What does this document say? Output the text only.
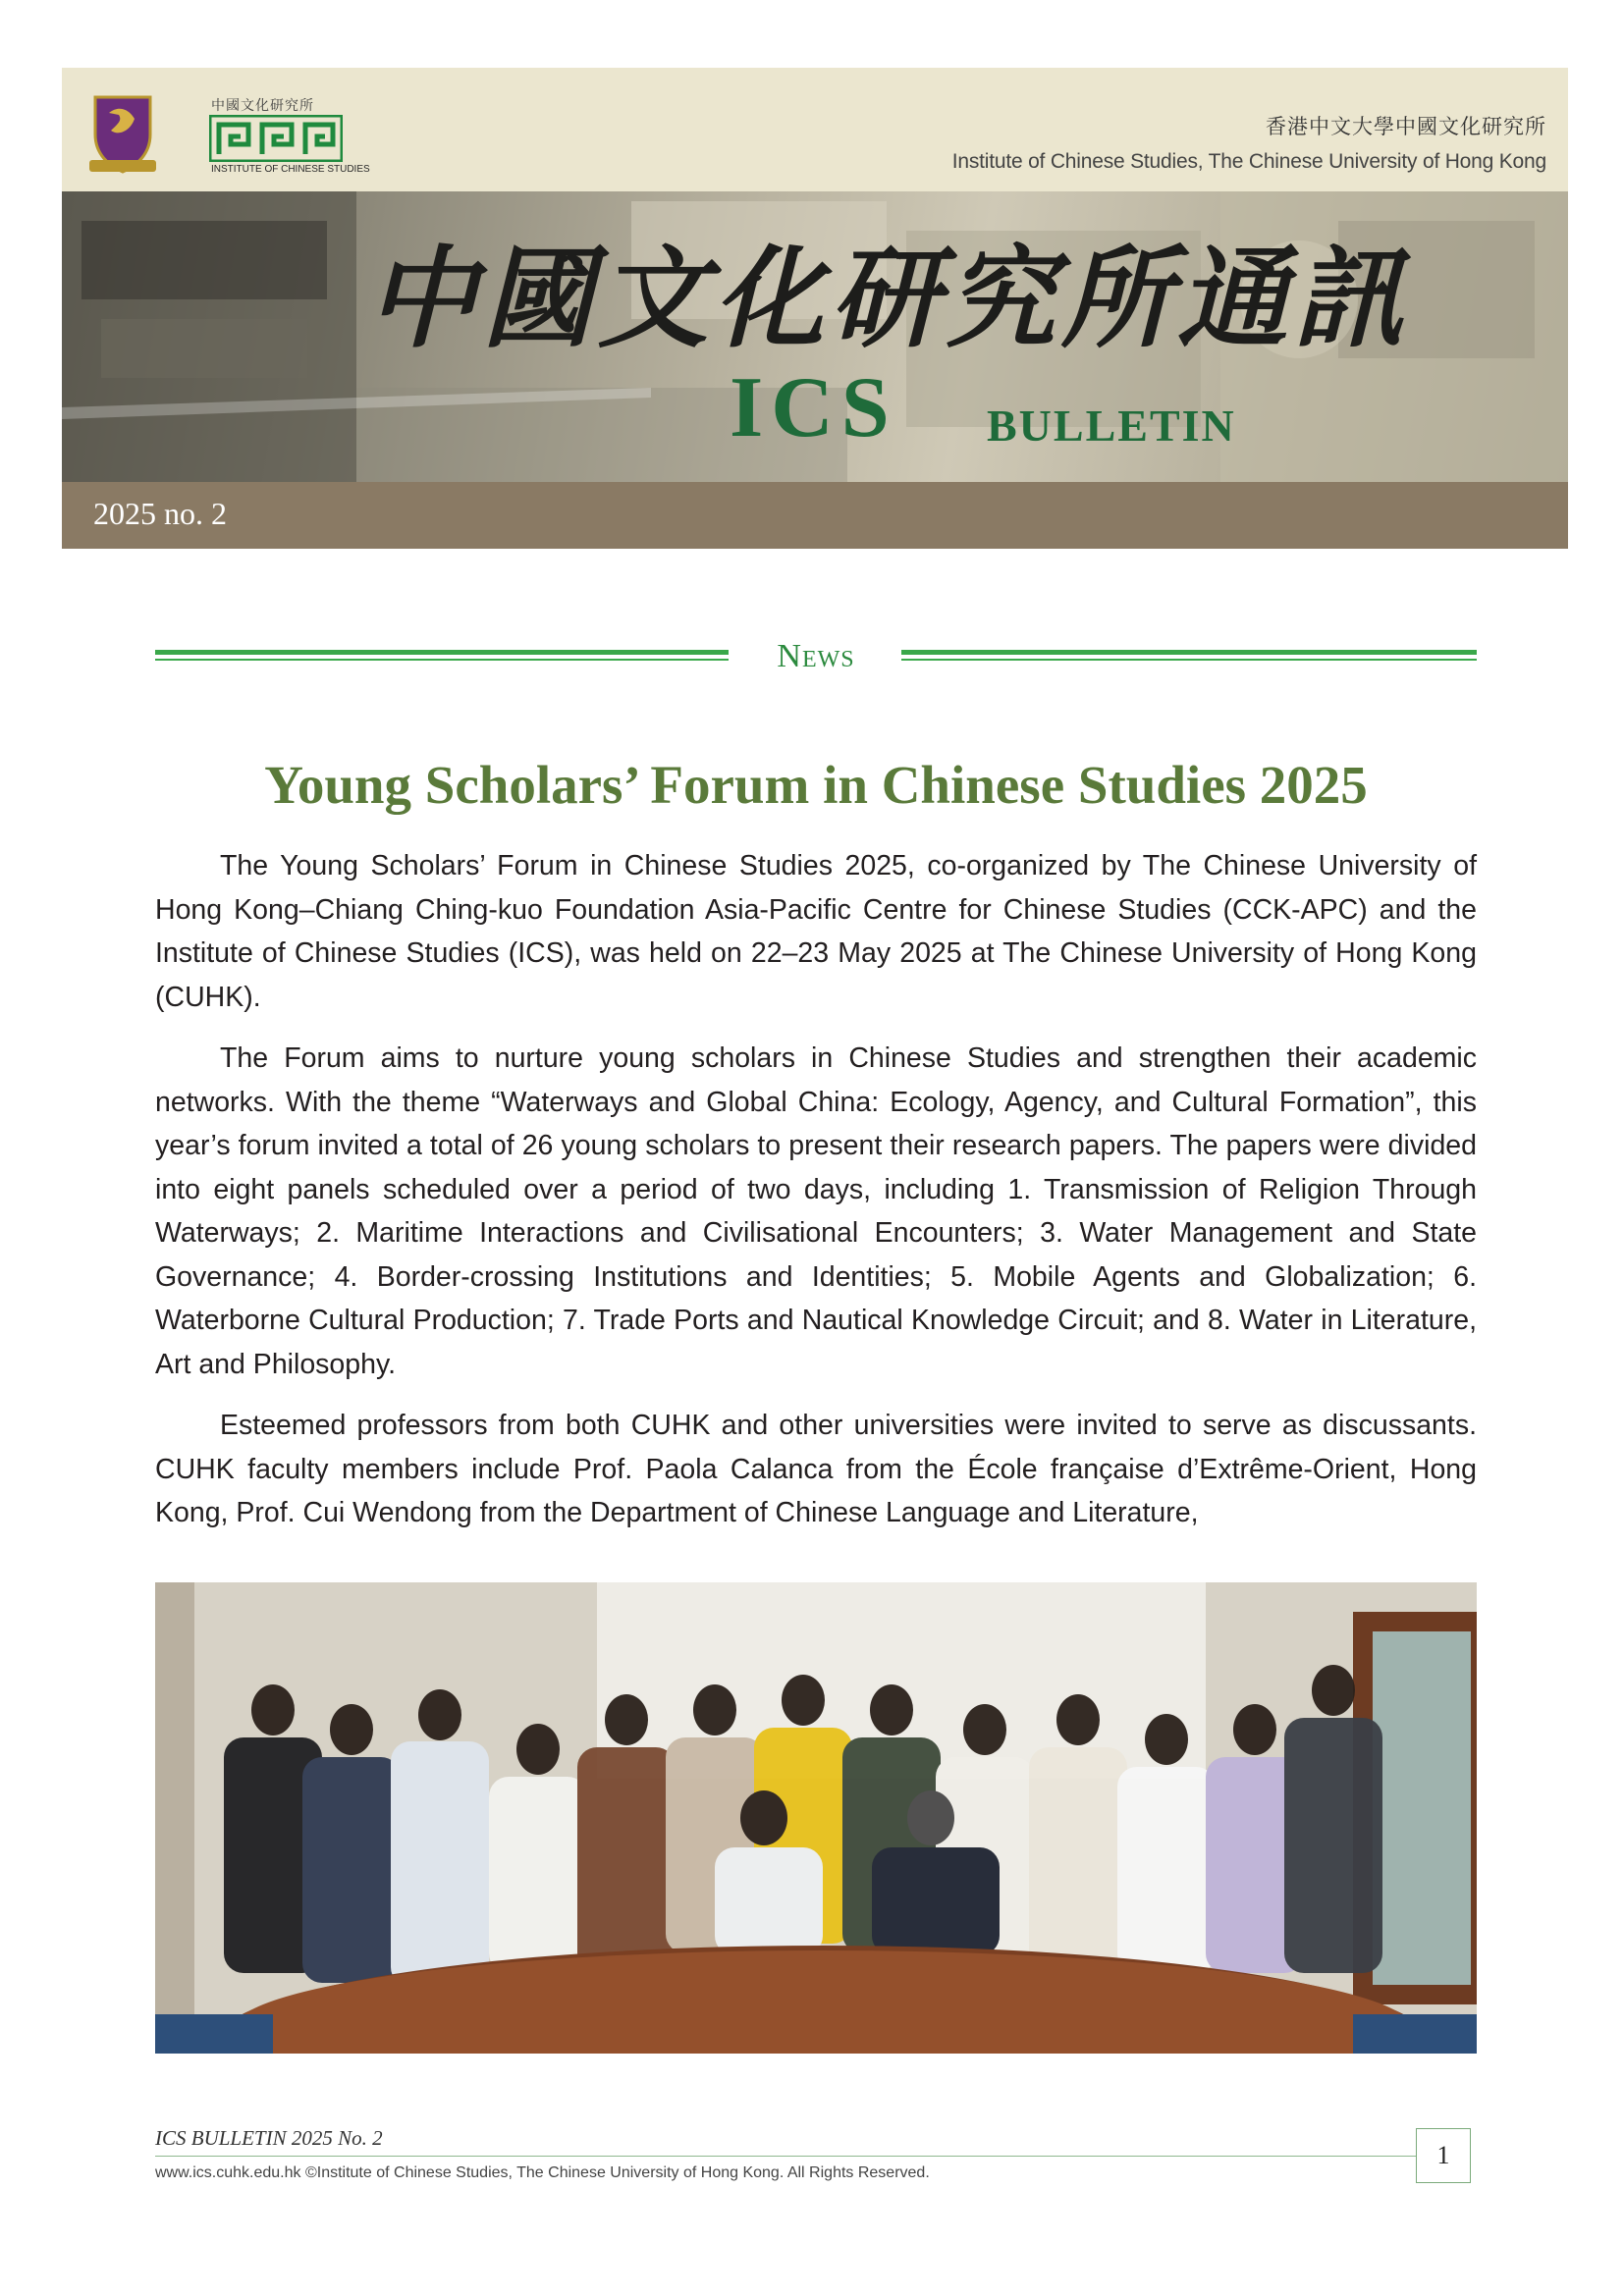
中國文化研究所
INSTITUTE OF CHINESE STUDIES
香港中文大學中國文化研究所
Institute of Chinese Studies, The Chinese University of Hong Kong
中國文化研究所通訊
ICS BULLETIN
2025 no. 2
News
Young Scholars’ Forum in Chinese Studies 2025

The Young Scholars’ Forum in Chinese Studies 2025, co-organized by The Chinese University of Hong Kong–Chiang Ching-kuo Foundation Asia-Pacific Centre for Chinese Studies (CCK-APC) and the Institute of Chinese Studies (ICS), was held on 22–23 May 2025 at The Chinese University of Hong Kong (CUHK).

The Forum aims to nurture young scholars in Chinese Studies and strengthen their academic networks. With the theme “Waterways and Global China: Ecology, Agency, and Cultural Formation”, this year’s forum invited a total of 26 young scholars to present their research papers. The papers were divided into eight panels scheduled over a period of two days, including 1. Transmission of Religion Through Waterways; 2. Maritime Interactions and Civilisational Encounters; 3. Water Management and State Governance; 4. Border-crossing Institutions and Identities; 5. Mobile Agents and Globalization; 6. Waterborne Cultural Production; 7. Trade Ports and Nautical Knowledge Circuit; and 8. Water in Literature, Art and Philosophy.

Esteemed professors from both CUHK and other universities were invited to serve as discussants. CUHK faculty members include Prof. Paola Calanca from the École française d’Extrême-Orient, Hong Kong, Prof. Cui Wendong from the Department of Chinese Language and Literature,

ICS BULLETIN 2025 No. 2
www.ics.cuhk.edu.hk ©Institute of Chinese Studies, The Chinese University of Hong Kong. All Rights Reserved.
1
